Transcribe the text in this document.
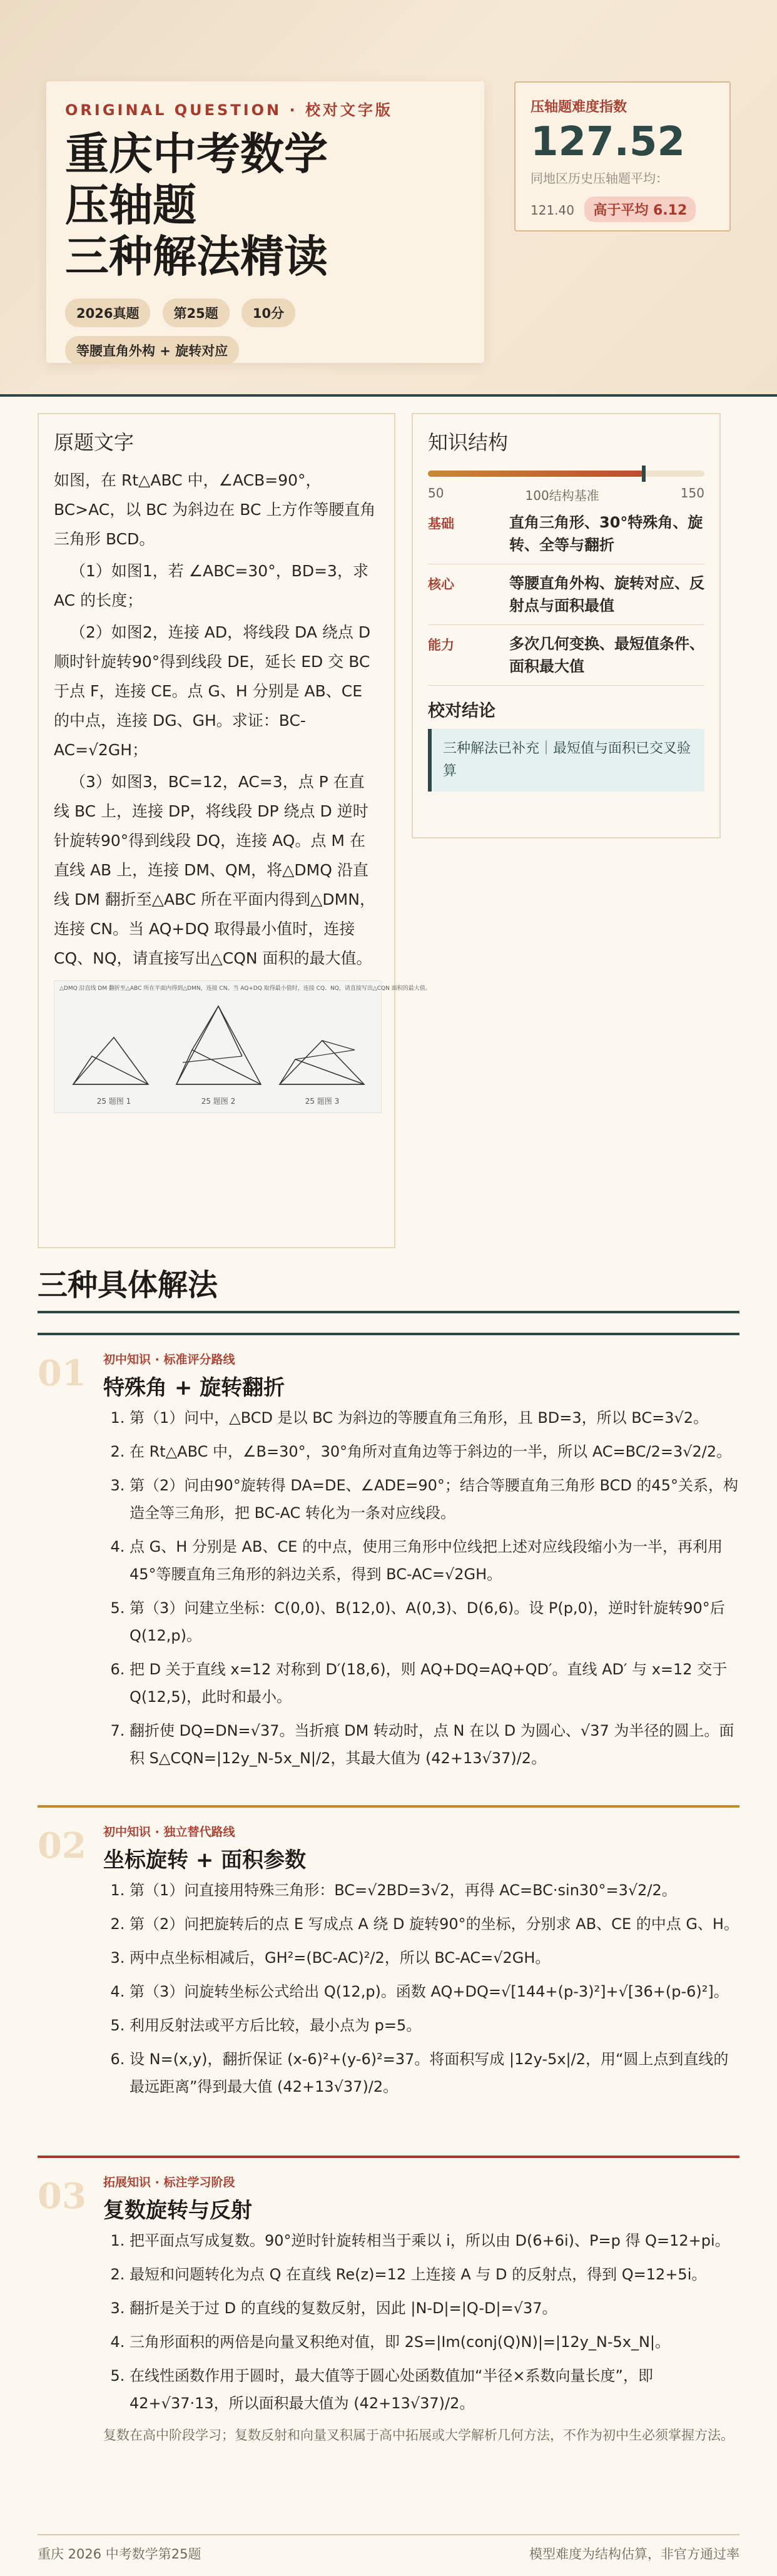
ORIGINAL QUESTION · 校对文字版
重庆中考数学
压轴题
三种解法精读
2026真题	第25题	10分
等腰直角外构 + 旋转对应
压轴题难度指数
127.52
同地区历史压轴题平均：
121.40 高于平均 6.12
原题文字

如图，在 Rt△ABC 中，∠ACB=90°，BC>AC，以 BC 为斜边在 BC 上方作等腰直角三角形 BCD。

（1）如图1，若 ∠ABC=30°，BD=3，求 AC 的长度；

（2）如图2，连接 AD，将线段 DA 绕点 D 顺时针旋转90°得到线段 DE，延长 ED 交 BC 于点 F，连接 CE。点 G、H 分别是 AB、CE 的中点，连接 DG、GH。求证：BC-AC=√2GH；

（3）如图3，BC=12，AC=3，点 P 在直线 BC 上，连接 DP，将线段 DP 绕点 D 逆时针旋转90°得到线段 DQ，连接 AQ。点 M 在直线 AB 上，连接 DM、QM，将△DMQ 沿直线 DM 翻折至△ABC 所在平面内得到△DMN，连接 CN。当 AQ+DQ 取得最小值时，连接 CQ、NQ，请直接写出△CQN 面积的最大值。

△DMQ 沿直线 DM 翻折至△ABC 所在平面内得到△DMN，连接 CN。当 AQ+DQ 取得最小值时，连接 CQ、NQ，请直接写出△CQN 面积的最大值。
25 题图 1	25 题图 2	25 题图 3
知识结构
50	100结构基准	150
基础	直角三角形、30°特殊角、旋转、全等与翻折
核心	等腰直角外构、旋转对应、反射点与面积最值
能力	多次几何变换、最短值条件、面积最大值
校对结论
三种解法已补充｜最短值与面积已交叉验算
三种具体解法
01 初中知识 · 标准评分路线
特殊角 + 旋转翻折
1. 第（1）问中，△BCD 是以 BC 为斜边的等腰直角三角形，且 BD=3，所以 BC=3√2。
2. 在 Rt△ABC 中，∠B=30°，30°角所对直角边等于斜边的一半，所以 AC=BC/2=3√2/2。
3. 第（2）问由90°旋转得 DA=DE、∠ADE=90°；结合等腰直角三角形 BCD 的45°关系，构造全等三角形，把 BC-AC 转化为一条对应线段。
4. 点 G、H 分别是 AB、CE 的中点，使用三角形中位线把上述对应线段缩小为一半，再利用45°等腰直角三角形的斜边关系，得到 BC-AC=√2GH。
5. 第（3）问建立坐标：C(0,0)、B(12,0)、A(0,3)、D(6,6)。设 P(p,0)，逆时针旋转90°后 Q(12,p)。
6. 把 D 关于直线 x=12 对称到 D′(18,6)，则 AQ+DQ=AQ+QD′。直线 AD′ 与 x=12 交于 Q(12,5)，此时和最小。
7. 翻折使 DQ=DN=√37。当折痕 DM 转动时，点 N 在以 D 为圆心、√37 为半径的圆上。面积 S△CQN=|12y_N-5x_N|/2，其最大值为 (42+13√37)/2。
02 初中知识 · 独立替代路线
坐标旋转 + 面积参数
1. 第（1）问直接用特殊三角形：BC=√2BD=3√2，再得 AC=BC·sin30°=3√2/2。
2. 第（2）问把旋转后的点 E 写成点 A 绕 D 旋转90°的坐标，分别求 AB、CE 的中点 G、H。
3. 两中点坐标相减后，GH²=(BC-AC)²/2，所以 BC-AC=√2GH。
4. 第（3）问旋转坐标公式给出 Q(12,p)。函数 AQ+DQ=√[144+(p-3)²]+√[36+(p-6)²]。
5. 利用反射法或平方后比较，最小点为 p=5。
6. 设 N=(x,y)，翻折保证 (x-6)²+(y-6)²=37。将面积写成 |12y-5x|/2，用“圆上点到直线的最远距离”得到最大值 (42+13√37)/2。
03 拓展知识 · 标注学习阶段
复数旋转与反射
1. 把平面点写成复数。90°逆时针旋转相当于乘以 i，所以由 D(6+6i)、P=p 得 Q=12+pi。
2. 最短和问题转化为点 Q 在直线 Re(z)=12 上连接 A 与 D 的反射点，得到 Q=12+5i。
3. 翻折是关于过 D 的直线的复数反射，因此 |N-D|=|Q-D|=√37。
4. 三角形面积的两倍是向量叉积绝对值，即 2S=|Im(conj(Q)N)|=|12y_N-5x_N|。
5. 在线性函数作用于圆时，最大值等于圆心处函数值加“半径×系数向量长度”，即 42+√37·13，所以面积最大值为 (42+13√37)/2。
复数在高中阶段学习；复数反射和向量叉积属于高中拓展或大学解析几何方法，不作为初中生必须掌握方法。
重庆 2026 中考数学第25题	模型难度为结构估算，非官方通过率
